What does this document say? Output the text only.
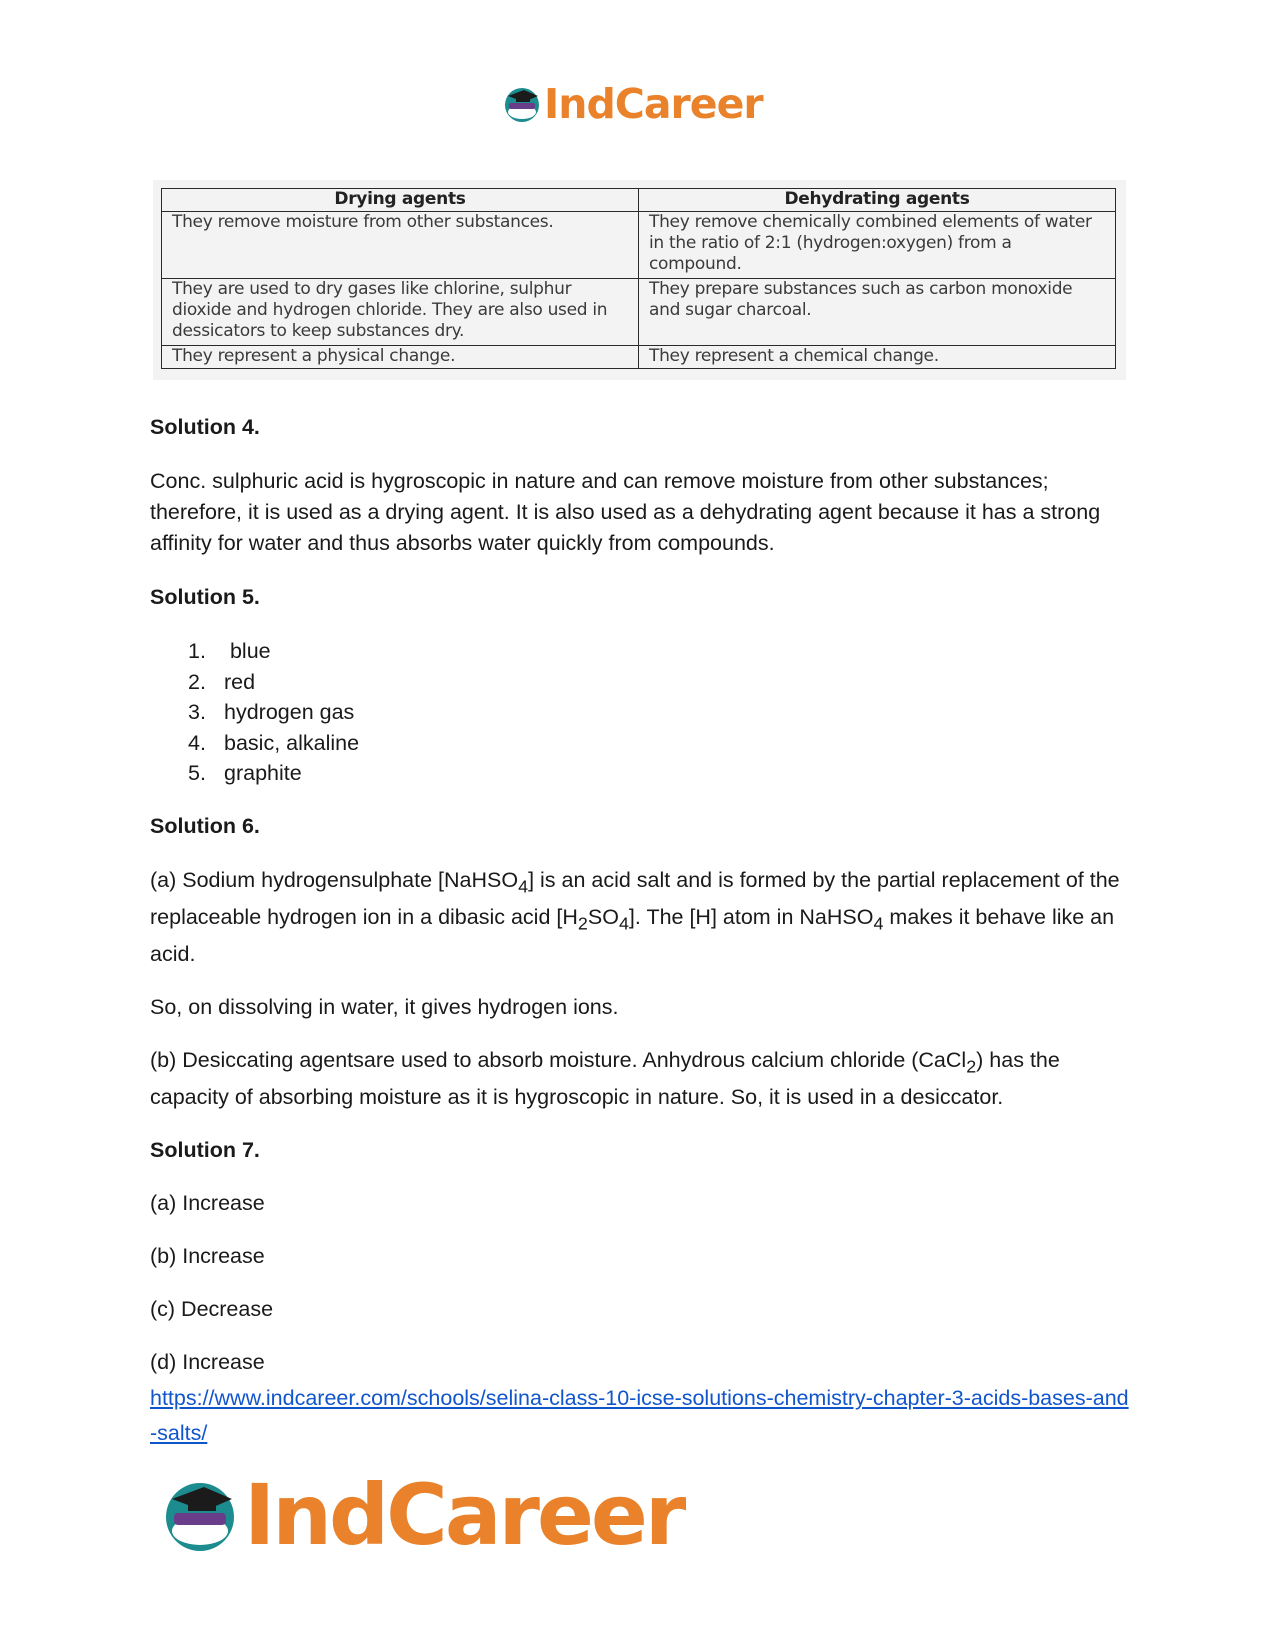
IndCareer
Drying agents	Dehydrating agents
They remove moisture from other substances.	They remove chemically combined elements of water in the ratio of 2:1 (hydrogen:oxygen) from a compound.
They are used to dry gases like chlorine, sulphur dioxide and hydrogen chloride. They are also used in dessicators to keep substances dry.	They prepare substances such as carbon monoxide and sugar charcoal.
They represent a physical change.	They represent a chemical change.

Solution 4.

Conc. sulphuric acid is hygroscopic in nature and can remove moisture from other substances; therefore, it is used as a drying agent. It is also used as a dehydrating agent because it has a strong affinity for water and thus absorbs water quickly from compounds.

Solution 5.

1. blue
2. red
3. hydrogen gas
4. basic, alkaline
5. graphite

Solution 6.

(a) Sodium hydrogensulphate [NaHSO$_4$] is an acid salt and is formed by the partial replacement of the replaceable hydrogen ion in a dibasic acid $[H_2SO_4]$. The [H] atom in NaHSO$_4$ makes it behave like an acid.

So, on dissolving in water, it gives hydrogen ions.

(b) Desiccating agentsare used to absorb moisture. Anhydrous calcium chloride (CaCl$_2$) has the capacity of absorbing moisture as it is hygroscopic in nature. So, it is used in a desiccator.

Solution 7.

(a) Increase

(b) Increase

(c) Decrease

(d) Increase

https://www.indcareer.com/schools/selina-class-10-icse-solutions-chemistry-chapter-3-acids-bases-and-salts/

IndCareer
